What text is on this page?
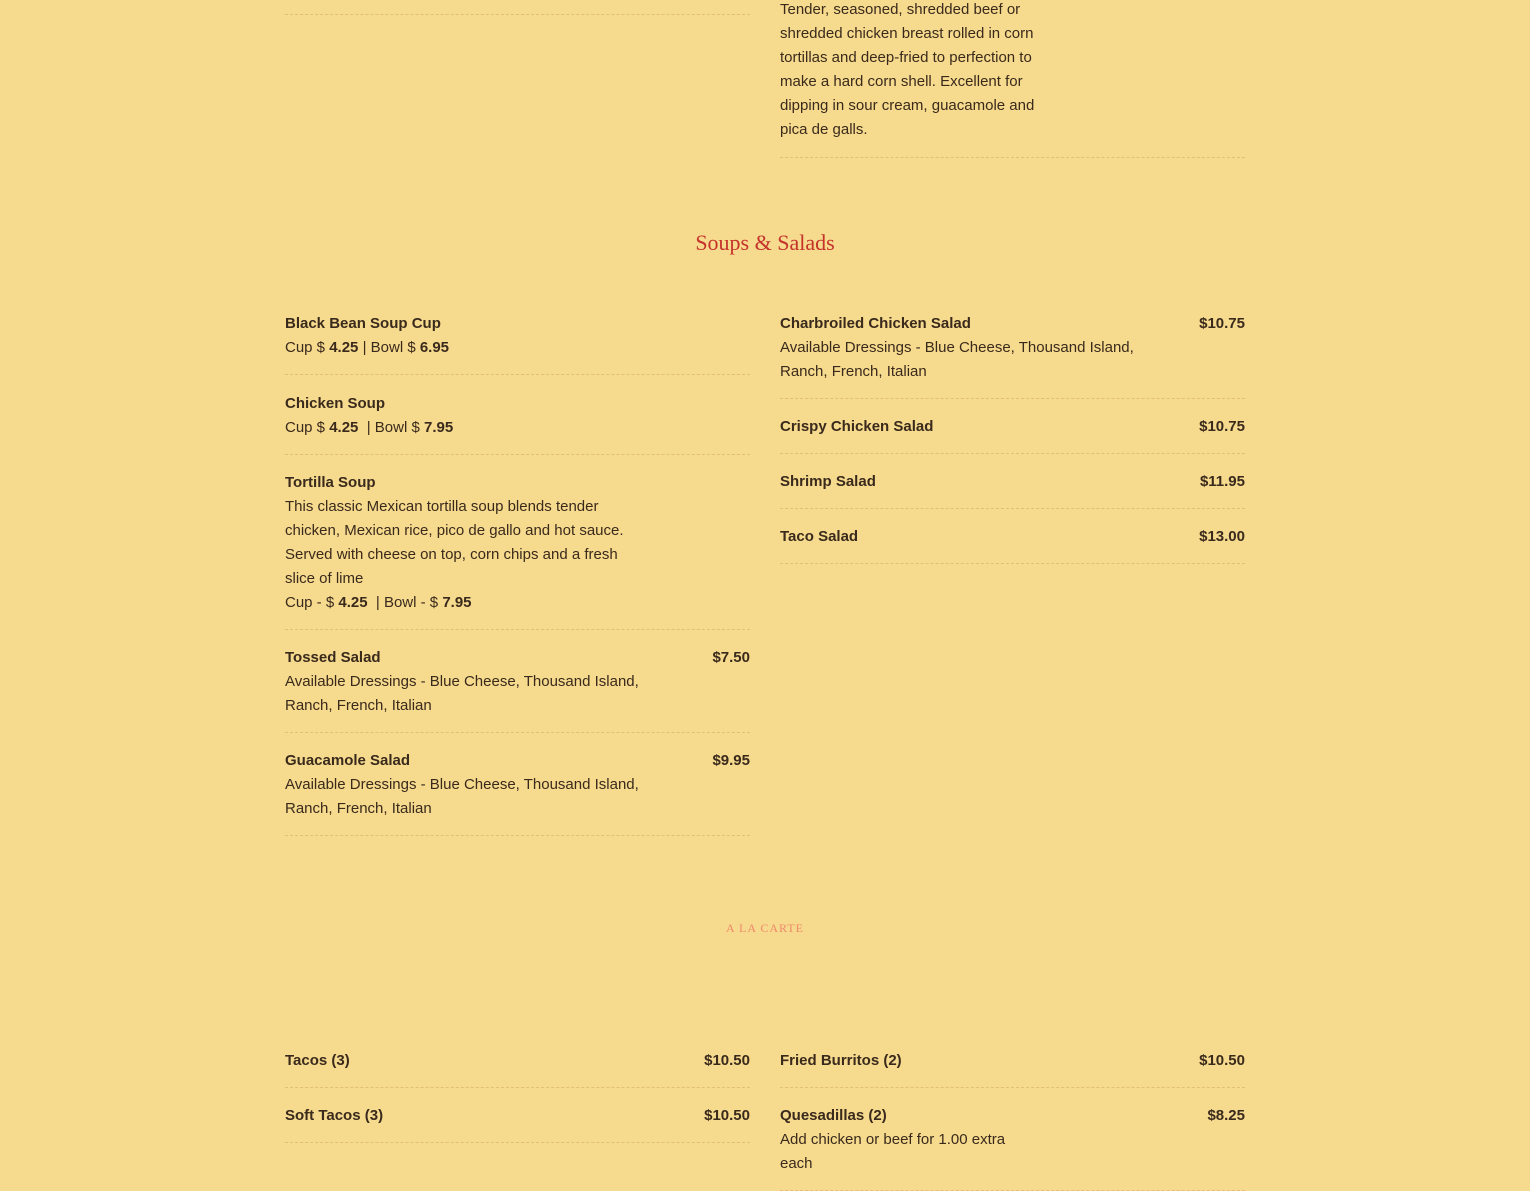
Tender, seasoned, shredded beef or shredded chicken breast rolled in corn tortillas and deep-fried to perfection to make a hard corn shell. Excellent for dipping in sour cream, guacamole and pica de galls.
Soups & Salads
Black Bean Soup Cup
Cup $ 4.25 | Bowl $ 6.95
Chicken Soup
Cup $ 4.25  | Bowl $ 7.95
Tortilla Soup
This classic Mexican tortilla soup blends tender chicken, Mexican rice, pico de gallo and hot sauce. Served with cheese on top, corn chips and a fresh slice of lime
Cup - $ 4.25  | Bowl - $ 7.95
Tossed Salad	$7.50
Available Dressings - Blue Cheese, Thousand Island, Ranch, French, Italian
Guacamole Salad	$9.95
Available Dressings - Blue Cheese, Thousand Island, Ranch, French, Italian
Charbroiled Chicken Salad	$10.75
Available Dressings - Blue Cheese, Thousand Island, Ranch, French, Italian
Crispy Chicken Salad	$10.75
Shrimp Salad	$11.95
Taco Salad	$13.00
A LA CARTE
Tacos (3)	$10.50
Soft Tacos (3)	$10.50
Fried Burritos (2)	$10.50
Quesadillas (2)	$8.25
Add chicken or beef for 1.00 extra each
